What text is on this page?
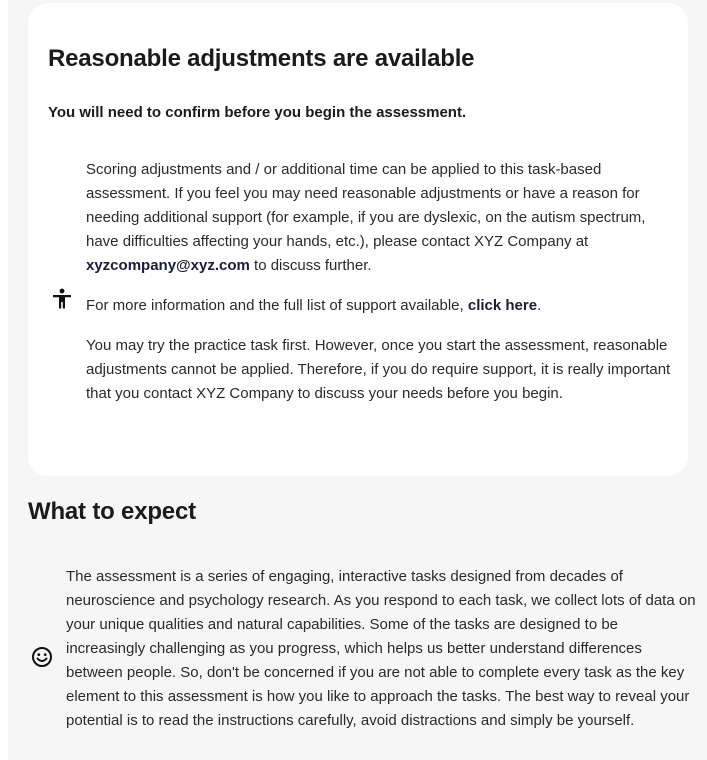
Reasonable adjustments are available
You will need to confirm before you begin the assessment.

Scoring adjustments and / or additional time can be applied to this task-based assessment. If you feel you may need reasonable adjustments or have a reason for needing additional support (for example, if you are dyslexic, on the autism spectrum, have difficulties affecting your hands, etc.), please contact XYZ Company at xyzcompany@xyz.com to discuss further.

For more information and the full list of support available, click here.

You may try the practice task first. However, once you start the assessment, reasonable adjustments cannot be applied. Therefore, if you do require support, it is really important that you contact XYZ Company to discuss your needs before you begin.

What to expect

The assessment is a series of engaging, interactive tasks designed from decades of neuroscience and psychology research. As you respond to each task, we collect lots of data on your unique qualities and natural capabilities. Some of the tasks are designed to be increasingly challenging as you progress, which helps us better understand differences between people. So, don't be concerned if you are not able to complete every task as the key element to this assessment is how you like to approach the tasks. The best way to reveal your potential is to read the instructions carefully, avoid distractions and simply be yourself.
